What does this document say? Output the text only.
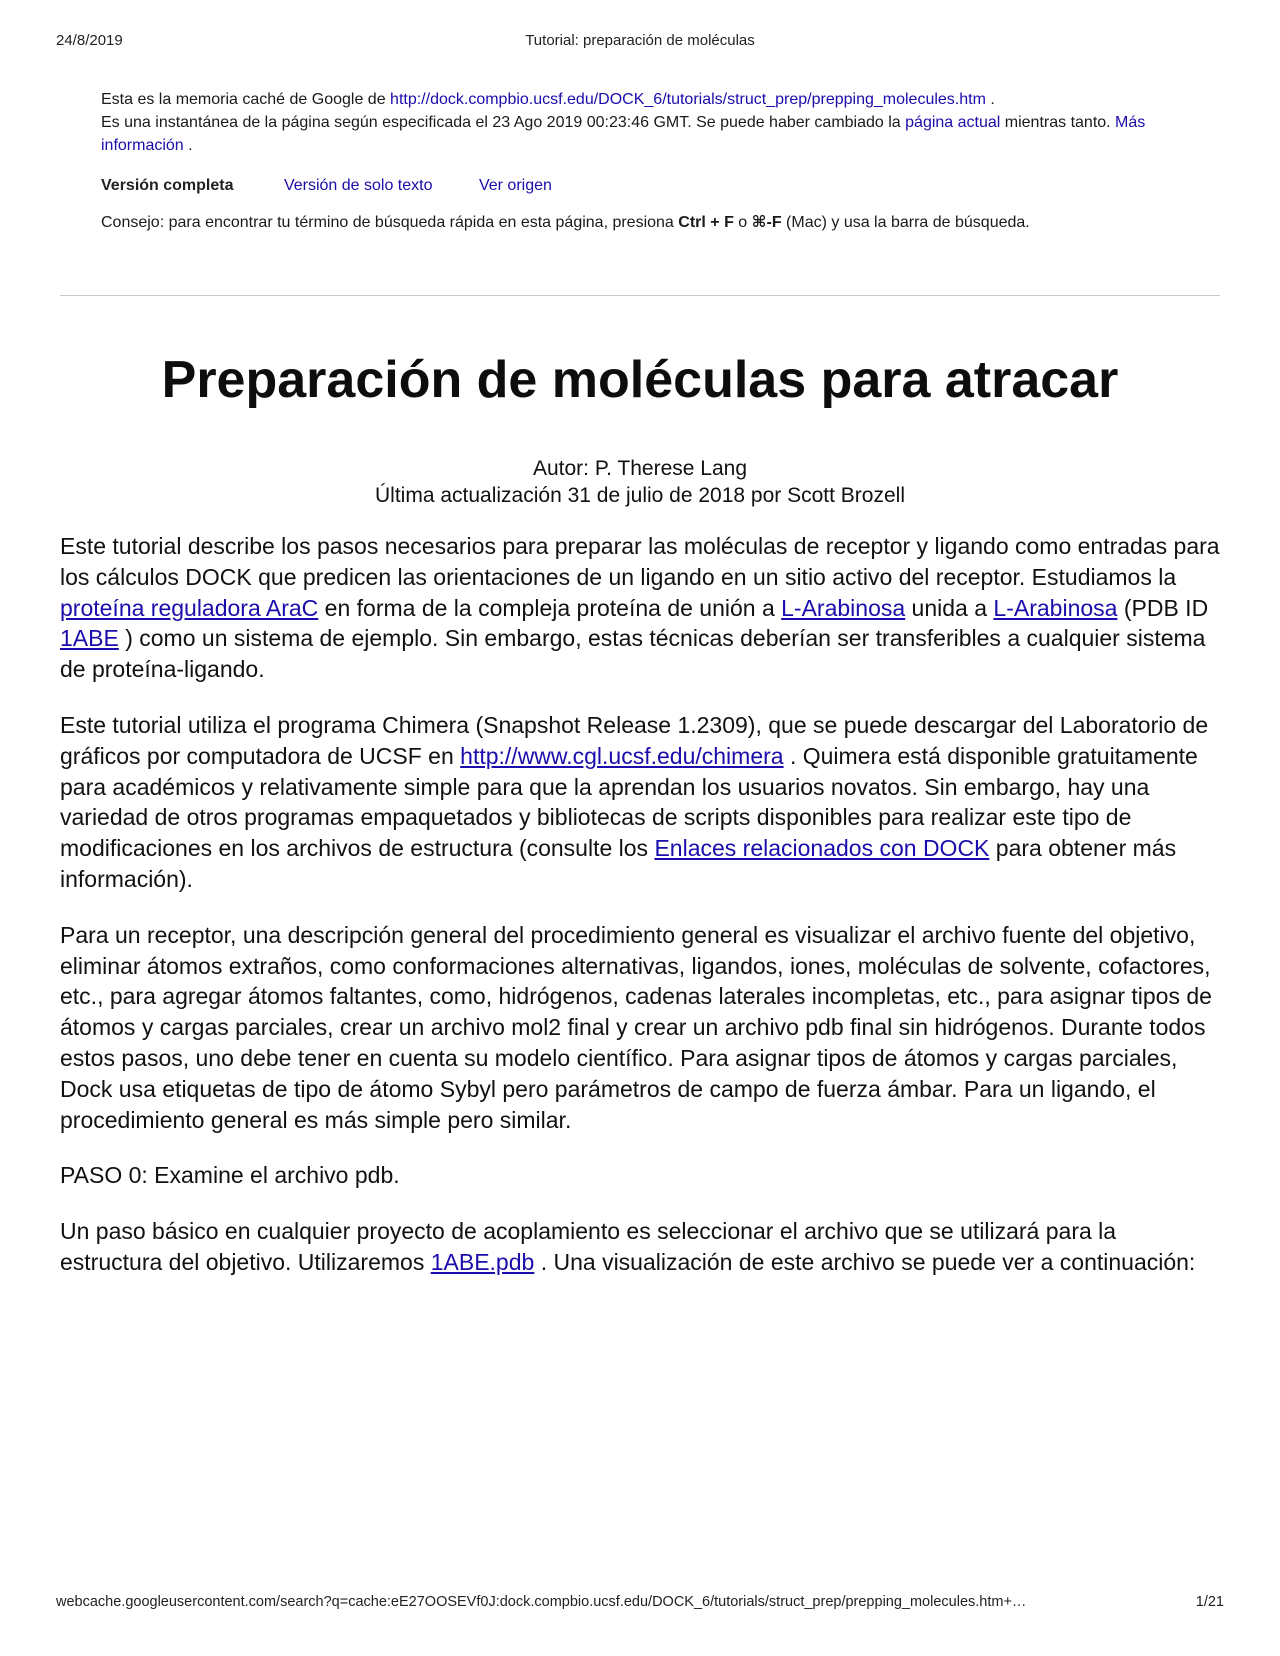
24/8/2019	Tutorial: preparación de moléculas

Esta es la memoria caché de Google de http://dock.compbio.ucsf.edu/DOCK_6/tutorials/struct_prep/prepping_molecules.htm .
Es una instantánea de la página según especificada el 23 Ago 2019 00:23:46 GMT. Se puede haber cambiado la página actual mientras tanto. Más información .

Versión completa	Versión de solo texto	Ver origen

Consejo: para encontrar tu término de búsqueda rápida en esta página, presiona Ctrl + F o ⌘-F (Mac) y usa la barra de búsqueda.

Preparación de moléculas para atracar
Autor: P. Therese Lang
Última actualización 31 de julio de 2018 por Scott Brozell

Este tutorial describe los pasos necesarios para preparar las moléculas de receptor y ligando como entradas para los cálculos DOCK que predicen las orientaciones de un ligando en un sitio activo del receptor. Estudiamos la proteína reguladora AraC en forma de la compleja proteína de unión a L-Arabinosa unida a L-Arabinosa (PDB ID 1ABE ) como un sistema de ejemplo. Sin embargo, estas técnicas deberían ser transferibles a cualquier sistema de proteína-ligando.

Este tutorial utiliza el programa Chimera (Snapshot Release 1.2309), que se puede descargar del Laboratorio de gráficos por computadora de UCSF en http://www.cgl.ucsf.edu/chimera . Quimera está disponible gratuitamente para académicos y relativamente simple para que la aprendan los usuarios novatos. Sin embargo, hay una variedad de otros programas empaquetados y bibliotecas de scripts disponibles para realizar este tipo de modificaciones en los archivos de estructura (consulte los Enlaces relacionados con DOCK para obtener más información).

Para un receptor, una descripción general del procedimiento general es visualizar el archivo fuente del objetivo, eliminar átomos extraños, como conformaciones alternativas, ligandos, iones, moléculas de solvente, cofactores, etc., para agregar átomos faltantes, como, hidrógenos, cadenas laterales incompletas, etc., para asignar tipos de átomos y cargas parciales, crear un archivo mol2 final y crear un archivo pdb final sin hidrógenos. Durante todos estos pasos, uno debe tener en cuenta su modelo científico. Para asignar tipos de átomos y cargas parciales, Dock usa etiquetas de tipo de átomo Sybyl pero parámetros de campo de fuerza ámbar. Para un ligando, el procedimiento general es más simple pero similar.

PASO 0: Examine el archivo pdb.

Un paso básico en cualquier proyecto de acoplamiento es seleccionar el archivo que se utilizará para la estructura del objetivo. Utilizaremos 1ABE.pdb . Una visualización de este archivo se puede ver a continuación:

webcache.googleusercontent.com/search?q=cache:eE27OOSEVf0J:dock.compbio.ucsf.edu/DOCK_6/tutorials/struct_prep/prepping_molecules.htm+…	1/21
